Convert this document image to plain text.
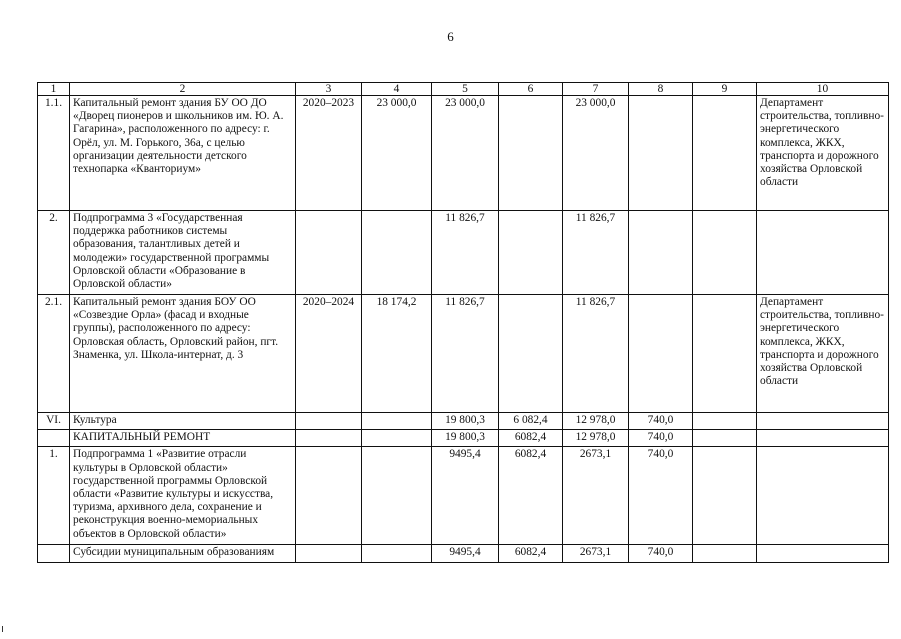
6
1	2	3	4	5	6	7	8	9	10
1.1.	Капитальный ремонт здания БУ ОО ДО «Дворец пионеров и школьников им. Ю. А. Гагарина», расположенного по адресу: г. Орёл, ул. М. Горького, 36а, с целью организации деятельности детского технопарка «Кванториум»	2020–2023	23 000,0	23 000,0		23 000,0			Департамент строительства, топливно-энергетического комплекса, ЖКХ, транспорта и дорожного хозяйства Орловской области
2.	Подпрограмма 3 «Государственная поддержка работников системы образования, талантливых детей и молодежи» государственной программы Орловской области «Образование в Орловской области»			11 826,7		11 826,7			
2.1.	Капитальный ремонт здания БОУ ОО «Созвездие Орла» (фасад и входные группы), расположенного по адресу: Орловская область, Орловский район, пгт. Знаменка, ул. Школа-интернат, д. 3	2020–2024	18 174,2	11 826,7		11 826,7			Департамент строительства, топливно-энергетического комплекса, ЖКХ, транспорта и дорожного хозяйства Орловской области
VI.	Культура			19 800,3	6 082,4	12 978,0	740,0		
	КАПИТАЛЬНЫЙ РЕМОНТ			19 800,3	6082,4	12 978,0	740,0		
1.	Подпрограмма 1 «Развитие отрасли культуры в Орловской области» государственной программы Орловской области «Развитие культуры и искусства, туризма, архивного дела, сохранение и реконструкция военно-мемориальных объектов в Орловской области»			9495,4	6082,4	2673,1	740,0		
	Субсидии муниципальным образованиям			9495,4	6082,4	2673,1	740,0		
